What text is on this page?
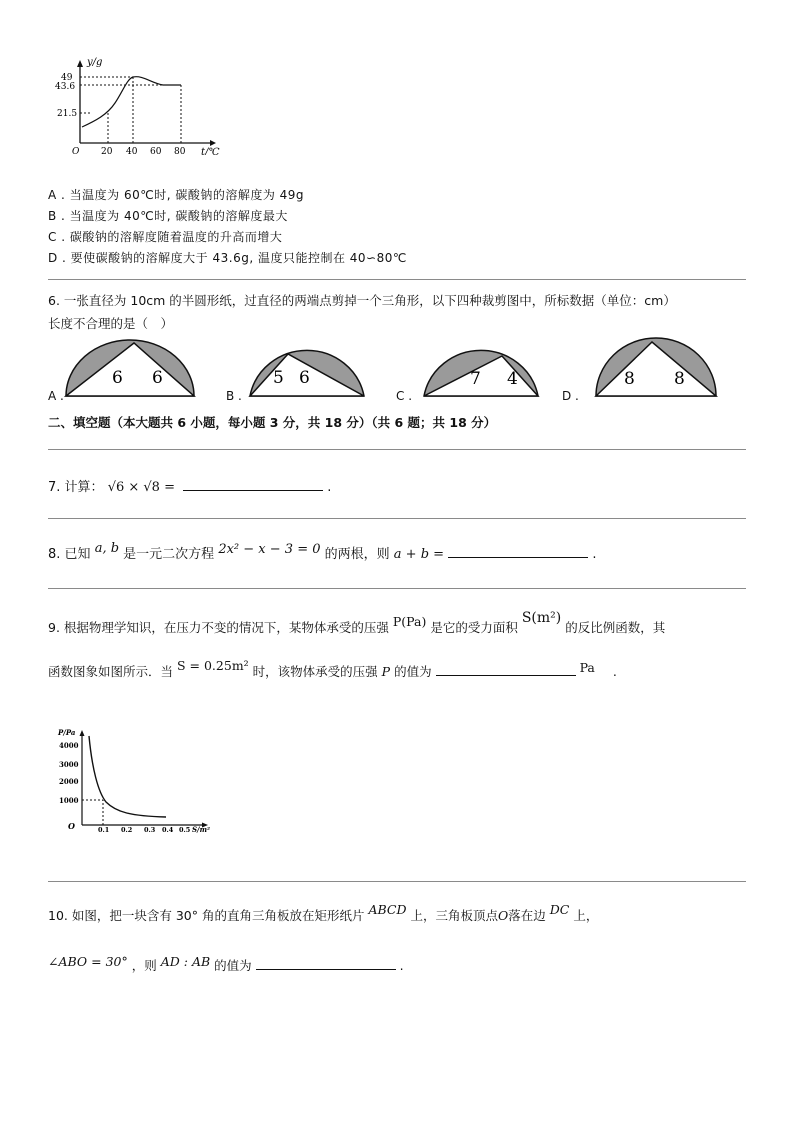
y/g
49
43.6
21.5
O 20 40 60 80 t/℃
A . 当温度为 60℃时, 碳酸钠的溶解度为 49g
B . 当温度为 40℃时, 碳酸钠的溶解度最大
C . 碳酸钠的溶解度随着温度的升高而增大
D . 要使碳酸钠的溶解度大于 43.6g, 温度只能控制在 40∽80℃
6. 一张直径为 10cm 的半圆形纸，过直径的两端点剪掉一个三角形，以下四种裁剪图中，所标数据（单位：cm）
长度不合理的是（　）
A .
6 6
B .
5 6
C .
7 4
D .
8 8
二、填空题（本大题共 6 小题，每小题 3 分，共 18 分）（共 6 题；共 18 分）
7. 计算： √6 × √8 =	.
8. 已知 a, b 是一元二次方程 2x² − x − 3 = 0 的两根，则 a + b =	.
9. 根据物理学知识，在压力不变的情况下，某物体承受的压强 P(Pa) 是它的受力面积 S(m²) 的反比例函数，其
函数图象如图所示．当 S = 0.25m² 时，该物体承受的压强 P 的值为	Pa .
P/Pa
4000
3000
2000
1000
O	0.1 0.2 0.3 0.4 0.5 S/m²
10. 如图，把一块含有 30° 角的直角三角板放在矩形纸片 ABCD 上，三角板顶点O落在边 DC 上，
∠ABO = 30° ，则 AD : AB 的值为	.
